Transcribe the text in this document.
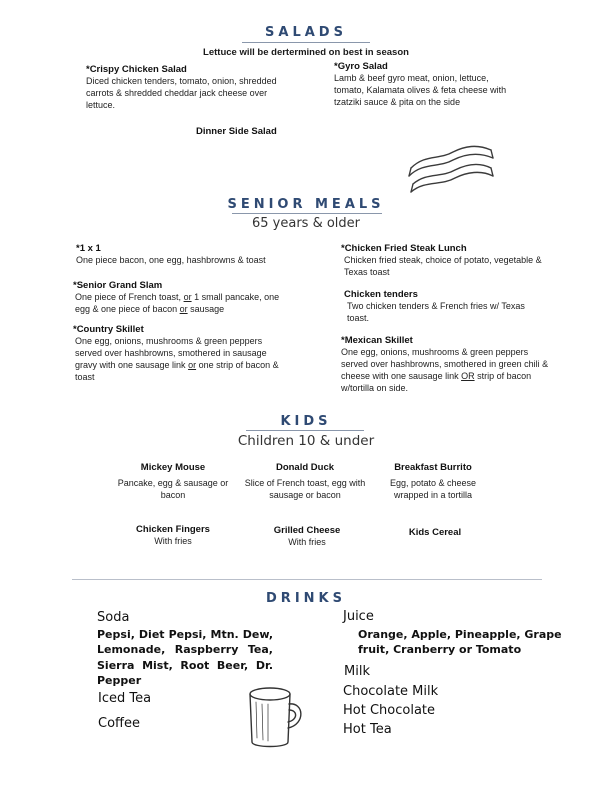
SALADS
Lettuce will be dertermined on best in season
*Crispy Chicken Salad
Diced chicken tenders, tomato, onion, shredded carrots & shredded cheddar jack cheese over lettuce.
*Gyro Salad
Lamb & beef gyro meat, onion, lettuce, tomato, Kalamata olives & feta cheese with tzatziki sauce & pita on the side
Dinner Side Salad
SENIOR MEALS
65 years & older
*1 x 1
One piece bacon, one egg, hashbrowns & toast
*Senior Grand Slam
One piece of French toast, or 1 small pancake, one egg & one piece of bacon or sausage
*Country Skillet
One egg, onions, mushrooms & green peppers served over hashbrowns, smothered in sausage gravy with one sausage link or one strip of bacon & toast
*Chicken Fried Steak Lunch
Chicken fried steak, choice of potato, vegetable & Texas toast
Chicken tenders
Two chicken tenders & French fries w/ Texas toast.
*Mexican Skillet
One egg, onions, mushrooms & green peppers served over hashbrowns, smothered in green chili & cheese with one sausage link OR strip of bacon w/tortilla on side.
KIDS
Children 10 & under
Mickey Mouse
Pancake, egg & sausage or bacon
Donald Duck
Slice of French toast, egg with sausage or bacon
Breakfast Burrito
Egg, potato & cheese wrapped in a tortilla
Chicken Fingers
With fries
Grilled Cheese
With fries
Kids Cereal
DRINKS
Soda
Pepsi, Diet Pepsi, Mtn. Dew, Lemonade, Raspberry Tea, Sierra Mist, Root Beer, Dr. Pepper
Iced Tea
Coffee
Juice
Orange, Apple, Pineapple, Grape fruit, Cranberry or Tomato
Milk
Chocolate Milk
Hot Chocolate
Hot Tea
